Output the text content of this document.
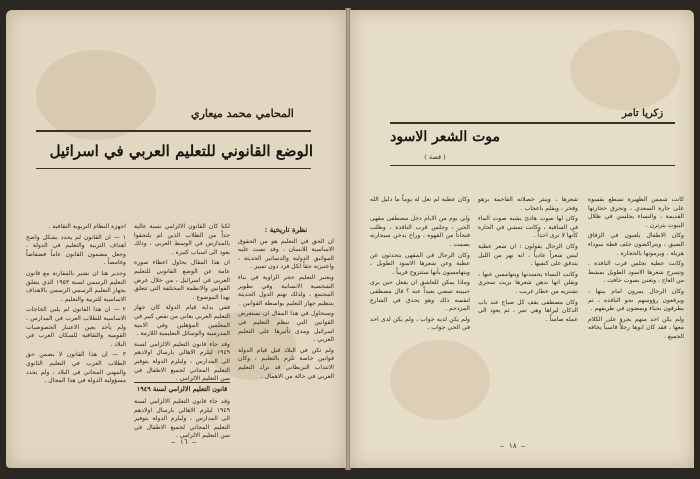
المحامي محمد ميعاري
الوضع القانوني للتعليم العربي في اسرائيل
نظرة تاريخية :

ان الحق في التعليم هو من الحقوق الاساسية للانسان ، وقد نصت عليه المواثيق الدولية والدساتير الحديثة ، واعتبرته حقاً لكل فرد دون تمييز .

ويعتبر التعليم حجر الزاوية في بناء الشخصية الانسانية وفي تطوير المجتمع ، ولذلك تهتم الدول الحديثة بتنظيم جهاز التعليم بواسطة القوانين .

وسنحاول في هذا المقال ان نستعرض القوانين التي تنظم التعليم في اسرائيل ومدى تأثيرها على التعليم العربي .

ولم تكن في البلاد قبل قيام الدولة قوانين خاصة تلزم بالتعليم ، وكان الانتداب البريطاني قد ترك التعليم العربي في حالة من الاهمال .

لكنا كان القانون الالزامي نسبة عالية جداً من الطلاب الذين لم يلتحقوا بالمدارس في الوسط العربي ، وذلك يعود الى اسباب كثيرة .

ان هذا المقال يحاول اعطاء صورة عامة عن الوضع القانوني للتعليم العربي في اسرائيل ، من خلال عرض القوانين والانظمة المختلفة التي تتعلق بهذا الموضوع .

ففي بداية قيام الدولة كان جهاز التعليم العربي يعاني من نقص كبير في المعلمين المؤهلين وفي الابنية المدرسية والوسائل التعليمية اللازمة .

وقد جاء قانون التعليم الالزامي لسنة ١٩٤٩ ليلزم الاهالي بارسال اولادهم الى المدارس ، وليلزم الدولة بتوفير التعليم المجاني لجميع الاطفال في سن التعليم الالزامي .

قانون التعليم الالزامي لسنة ١٩٤٩

وقد جاء قانون التعليم الالزامي لسنة ١٩٤٩ ليلزم الاهالي بارسال اولادهم الى المدارس ، وليلزم الدولة بتوفير التعليم المجاني لجميع الاطفال في سن التعليم الالزامي .

اجهزة النظام التربوية الثقافية .

١ — ان القانون لم يحدد بشكل واضح اهداف التربية والتعليم في الدولة ، وجعل مضمون القانون عاماً فضفاضاً وغامضاً .

وجدير هنا ان نشير بالمقارنة مع قانون التعليم الرسمي لسنة ١٩٥٣ الذي يتعلق بجهاز التعليم الرسمي الرسمي بالاهداف الاساسية للتربية والتعليم .

٢ — ان هذا القانون لم يلبي الحاجات الاساسية للطلاب العرب في المدارس ، ولم يأخذ بعين الاعتبار الخصوصيات القومية والثقافية للسكان العرب في البلاد .

٣ — ان هذا القانون لا يضمن حق الطلاب العرب في التعليم الثانوي والمهني المجاني في البلاد ، ولم يحدد مسؤولية الدولة في هذا المجال .

— ١٦ —
زكريا تامر
موت الشعر الاسود
( قصة )

كانت شمس الظهيرة تسطع بقسوة على حارة السعدي ، وتحرق حجارتها القديمة ، والنساء يجلسن في ظلال البيوت يثرثرن .

وكان الاطفال يلعبون في الزقاق الضيق ، ويتراكضون خلف قطة سوداء هزيلة ، ويرمونها بالحجارة .

وكانت عطية تجلس قرب النافذة ، وتسرح شعرها الاسود الطويل بمشط من العاج ، وتغني بصوت خافت .

وكان الرجال يمرون امام بيتها ، ويرفعون رؤوسهم نحو النافذة ، ثم يطرقون بحياء ويمضون في طريقهم .

ولم يكن احد منهم يجرؤ على الكلام معها ، فقد كان ابوها رجلاً قاسياً يخافه الجميع .

شعرها ، وينثر خصلاته الفاحمة بزهو وفخر ، وبقلم باعجاب .

وكان لها صوت هادئ يشبه صوت الماء في الساقية ، وكانت تمشي في الحارة كأنها لا ترى احداً .

وكان الرجال يقولون : ان شعر عطية ليس شعراً عادياً ، انه نهر من الليل يتدفق على كتفيها .

وكانت النساء يحسدنها ويتهامسن عنها ، ويقلن انها تدهن شعرها بزيت سحري تشتريه من عطار غريب .

وكان مصطفى يقف كل صباح عند باب الدكان ليراها وهي تمر ، ثم يعود الى عمله صامتاً .

وكان عطية لم تغل له يوماً ما دليل الله .

ولي يوم من الايام دخل مصطفى مقهى الحي ، وجلس قرب النافذة ، وطلب فنجاناً من القهوة ، وراح يدخن سيجارته بصمت .

وكان الرجال في المقهى يتحدثون عن عطية وعن شعرها الاسود الطويل ، ويتهامسون بأنها ستتزوج قريباً .

وماذا يمكن للعاشق ان يفعل حين يرى حبيبته تمضي بعيداً عنه ؟ قال مصطفى لنفسه ذلك وهو يحدق في الشارع المزدحم .

ولم يكن لديه جواب ، ولم يكن لدى احد في الحي جواب .

— ١٨ —
